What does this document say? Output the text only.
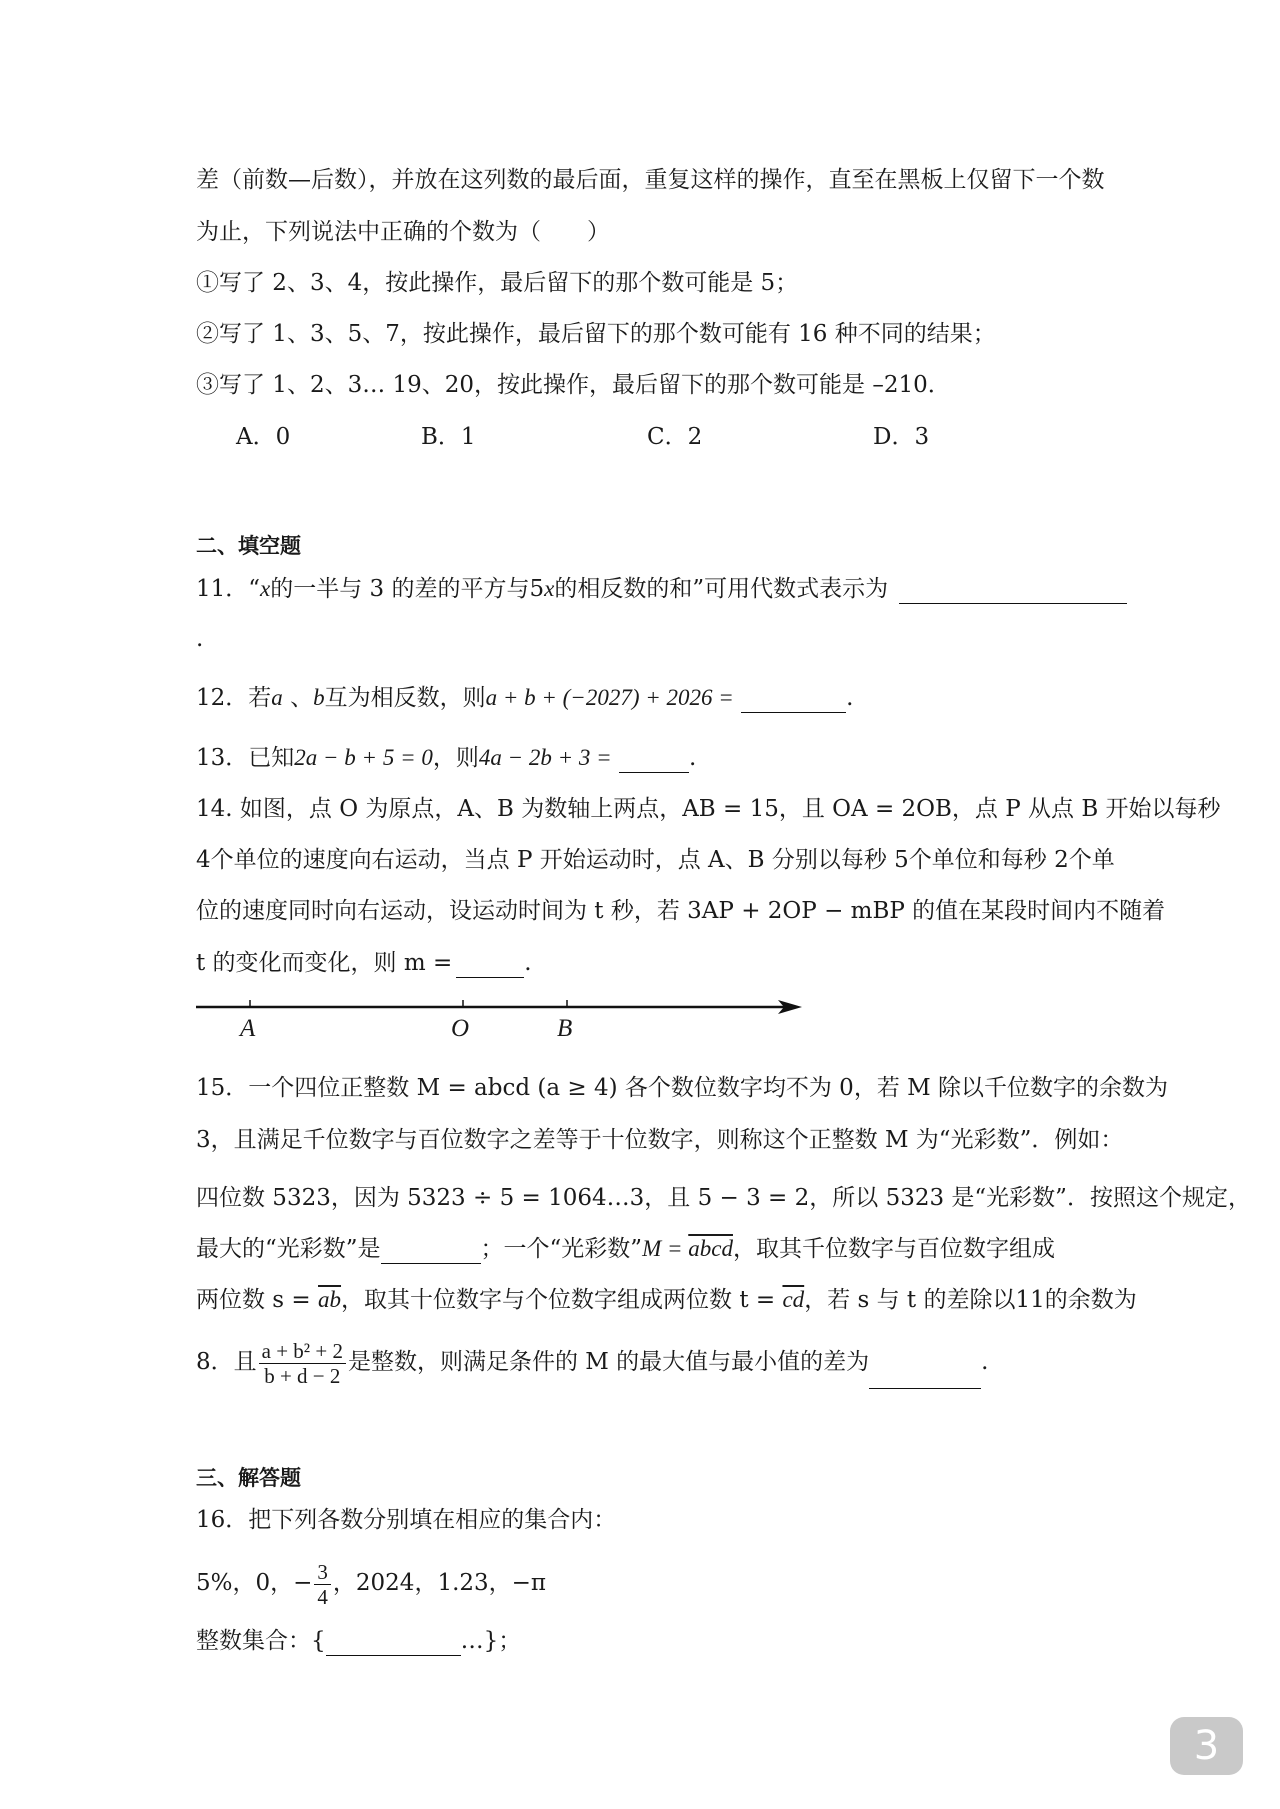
差（前数—后数），并放在这列数的最后面，重复这样的操作，直至在黑板上仅留下一个数
为止，下列说法中正确的个数为（　　）
①写了 2、3、4，按此操作，最后留下的那个数可能是 5；
②写了 1、3、5、7，按此操作，最后留下的那个数可能有 16 种不同的结果；
③写了 1、2、3… 19、20，按此操作，最后留下的那个数可能是 –210．
A．0	B．1	C．2	D．3
二、填空题
11．“x的一半与 3 的差的平方与5x的相反数的和”可用代数式表示为
.
12．若a 、b互为相反数，则a + b + (−2027) + 2026 =	.
13．已知2a − b + 5 = 0，则4a − 2b + 3 =	.
14. 如图，点 O 为原点，A、B 为数轴上两点，AB = 15，且 OA = 2OB，点 P 从点 B 开始以每秒
4个单位的速度向右运动，当点 P 开始运动时，点 A、B 分别以每秒 5个单位和每秒 2个单
位的速度同时向右运动，设运动时间为 t 秒，若 3AP + 2OP − mBP 的值在某段时间内不随着
t 的变化而变化，则 m =	.
A	O	B
15．一个四位正整数 M = abcd (a ≥ 4) 各个数位数字均不为 0，若 M 除以千位数字的余数为
3，且满足千位数字与百位数字之差等于十位数字，则称这个正整数 M 为“光彩数”．例如：
四位数 5323，因为 5323 ÷ 5 = 1064…3，且 5 − 3 = 2，所以 5323 是“光彩数”．按照这个规定，
最大的“光彩数”是	；一个“光彩数”M = abcd，取其千位数字与百位数字组成
两位数 $s = \overline{ab}$，取其十位数字与个位数字组成两位数 $t = \overline{cd}$，若 s 与 t 的差除以11的余数为
8．且 $\frac{\text{a + b² + 2}}{b + d - 2}$ 是整数，则满足条件的 M 的最大值与最小值的差为	.
三、解答题
16．把下列各数分别填在相应的集合内：
5%，0，− $\frac{3}{4}$ ，2024，1.23，−π
整数集合：{	…}；
3
